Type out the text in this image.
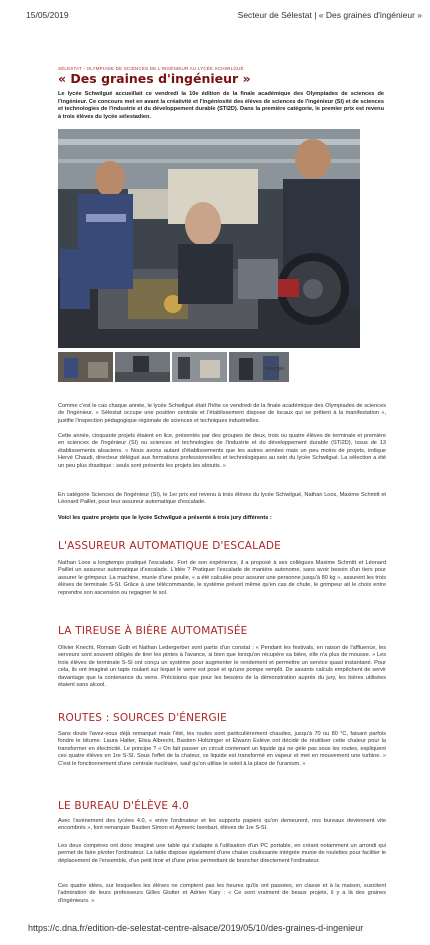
15/05/2019	Secteur de Sélestat | « Des graines d'ingénieur »
SÉLESTAT - OLYMPIADE DE SCIENCES DE L'INGÉNIEUR AU LYCÉE SCHWILGUÉ
« Des graines d'ingénieur »
Le lycée Schwilgué accueillait ce vendredi la 10e édition de la finale académique des Olympiades de sciences de l'ingénieur. Ce concours met en avant la créativité et l'ingéniosité des élèves de sciences de l'ingénieur (SI) et de sciences et technologies de l'industrie et du développement durable (STI2D). Dans la première catégorie, le premier prix est revenu à trois élèves du lycée sélestadien.
énergie.
Comme c'est le cas chaque année, le lycée Schwilgué était l'hôte ce vendredi de la finale académique des Olympiades de sciences de l'ingénieur. « Sélestat occupe une position centrale et l'établissement dispose de locaux qui se prêtent à la manifestation », justifie l'inspection pédagogique régionale de sciences et techniques industrielles.
Cette année, cinquante projets étaient en lice, présentés par des groupes de deux, trois ou quatre élèves de terminale et première en sciences de l'ingénieur (SI) ou sciences et technologies de l'industrie et du développement durable (STI2D), issus de 13 établissements alsaciens. « Nous avons autant d'établissements que les autres années mais un peu moins de projets, indique Hervé Chaudi, directeur délégué aux formations professionnelles et technologiques au sein du lycée Schwilgué. La sélection a été un peu plus drastique : seuls sont présents les projets les aboutis. »
En catégorie Sciences de l'ingénieur (SI), le 1er prix est revenu à trois élèves du lycée Schwilgué, Nathan Loos, Maxime Schmitt et Léonard Paillet, pour leur assureur automatique d'escalade.
Voici les quatre projets que le lycée Schwilgué a présenté à trois jury différents :
L'ASSUREUR AUTOMATIQUE D'ESCALADE
Nathan Loos a longtemps pratiqué l'escalade. Fort de son expérience, il a proposé à ses collègues Maxime Schmitt et Léonard Paillet un assureur automatique d'escalade. L'idée ? Pratiquer l'escalade de manière autonome, sans avoir besoin d'un tiers pour assurer le grimpeur. La machine, munie d'une poulie, « a été calculée pour assurer une personne jusqu'à 80 kg », assurent les trois élèves de terminale S-SI. Grâce à une télécommande, le système prévoit même qu'en cas de chute, le grimpeur ait le choix entre reprendre son ascension ou regagner le sol.
LA TIREUSE À BIÈRE AUTOMATISÉE
Olivier Knecht, Romain Guth et Nathan Ledergerber sont partis d'un constat : « Pendant les festivals, en raison de l'affluence, les serveurs sont souvent obligés de tirer les pintes à l'avance, si bien que lorsqu'on récupère sa bière, elle n'a plus de mousse. » Les trois élèves de terminale S-SI ont conçu un système pour augmenter le rendement et permettre un service quasi instantané. Pour cela, ils ont imaginé un tapis roulant sur lequel le verre est posé et qu'une pompe remplit. De savants calculs empêchent de servir davantage que la contenance du verre. Précisions que pour les besoins de la démonstration auprès du jury, les bières utilisées étaient sans alcool.
ROUTES : SOURCES D'ÉNERGIE
Sans doute l'avez-vous déjà remarqué mais l'été, les routes sont particulièrement chaudes, jusqu'à 70 ou 80 °C, faisant parfois fondre le bitume. Laura Halter, Elisa Albrecht, Bastien Holtzinger et Elwann Eslève ont décidé de réutiliser cette chaleur pour la transformer en électricité. Le principe ? « On fait passer un circuit contenant un liquide qui ne gèle pas sous les routes, expliquent ces quatre élèves en 1re S-SI. Sous l'effet de la chaleur, ce liquide est transformé en vapeur et met en mouvement une turbine. » C'est le fonctionnement d'une centrale nucléaire, sauf qu'on utilise le soleil à la place de l'uranium. »
LE BUREAU D'ÉLÈVE 4.0
Avec l'avènement des lycées 4.0, « entre l'ordinateur et les supports papiers qu'on demeurent, nos bureaux deviennent vite encombrés », font remarquer Bastien Simon et Aymeric Isenbart, élèves de 1re S-SI.
Les deux compères ont donc imaginé une table qui s'adapte à l'utilisation d'un PC portable, en créant notamment un arrondi qui permet de faire pivoter l'ordinateur. La table dispose également d'une chaise coulissante intégrée munie de roulettes pour faciliter le déplacement de l'ensemble, d'un petit tiroir et d'une prise permettant de brancher directement l'ordinateur.
Ces quatre idées, sur lesquelles les élèves ne comptent pas les heures qu'ils ont passées, en classe et à la maison, suscitent l'admiration de leurs professeurs Gilles Glutter et Adrien Kary : « Ce sont vraiment de beaux projets, il y a là des graines d'ingénieurs. »
https://c.dna.fr/edition-de-selestat-centre-alsace/2019/05/10/des-graines-d-ingenieur
